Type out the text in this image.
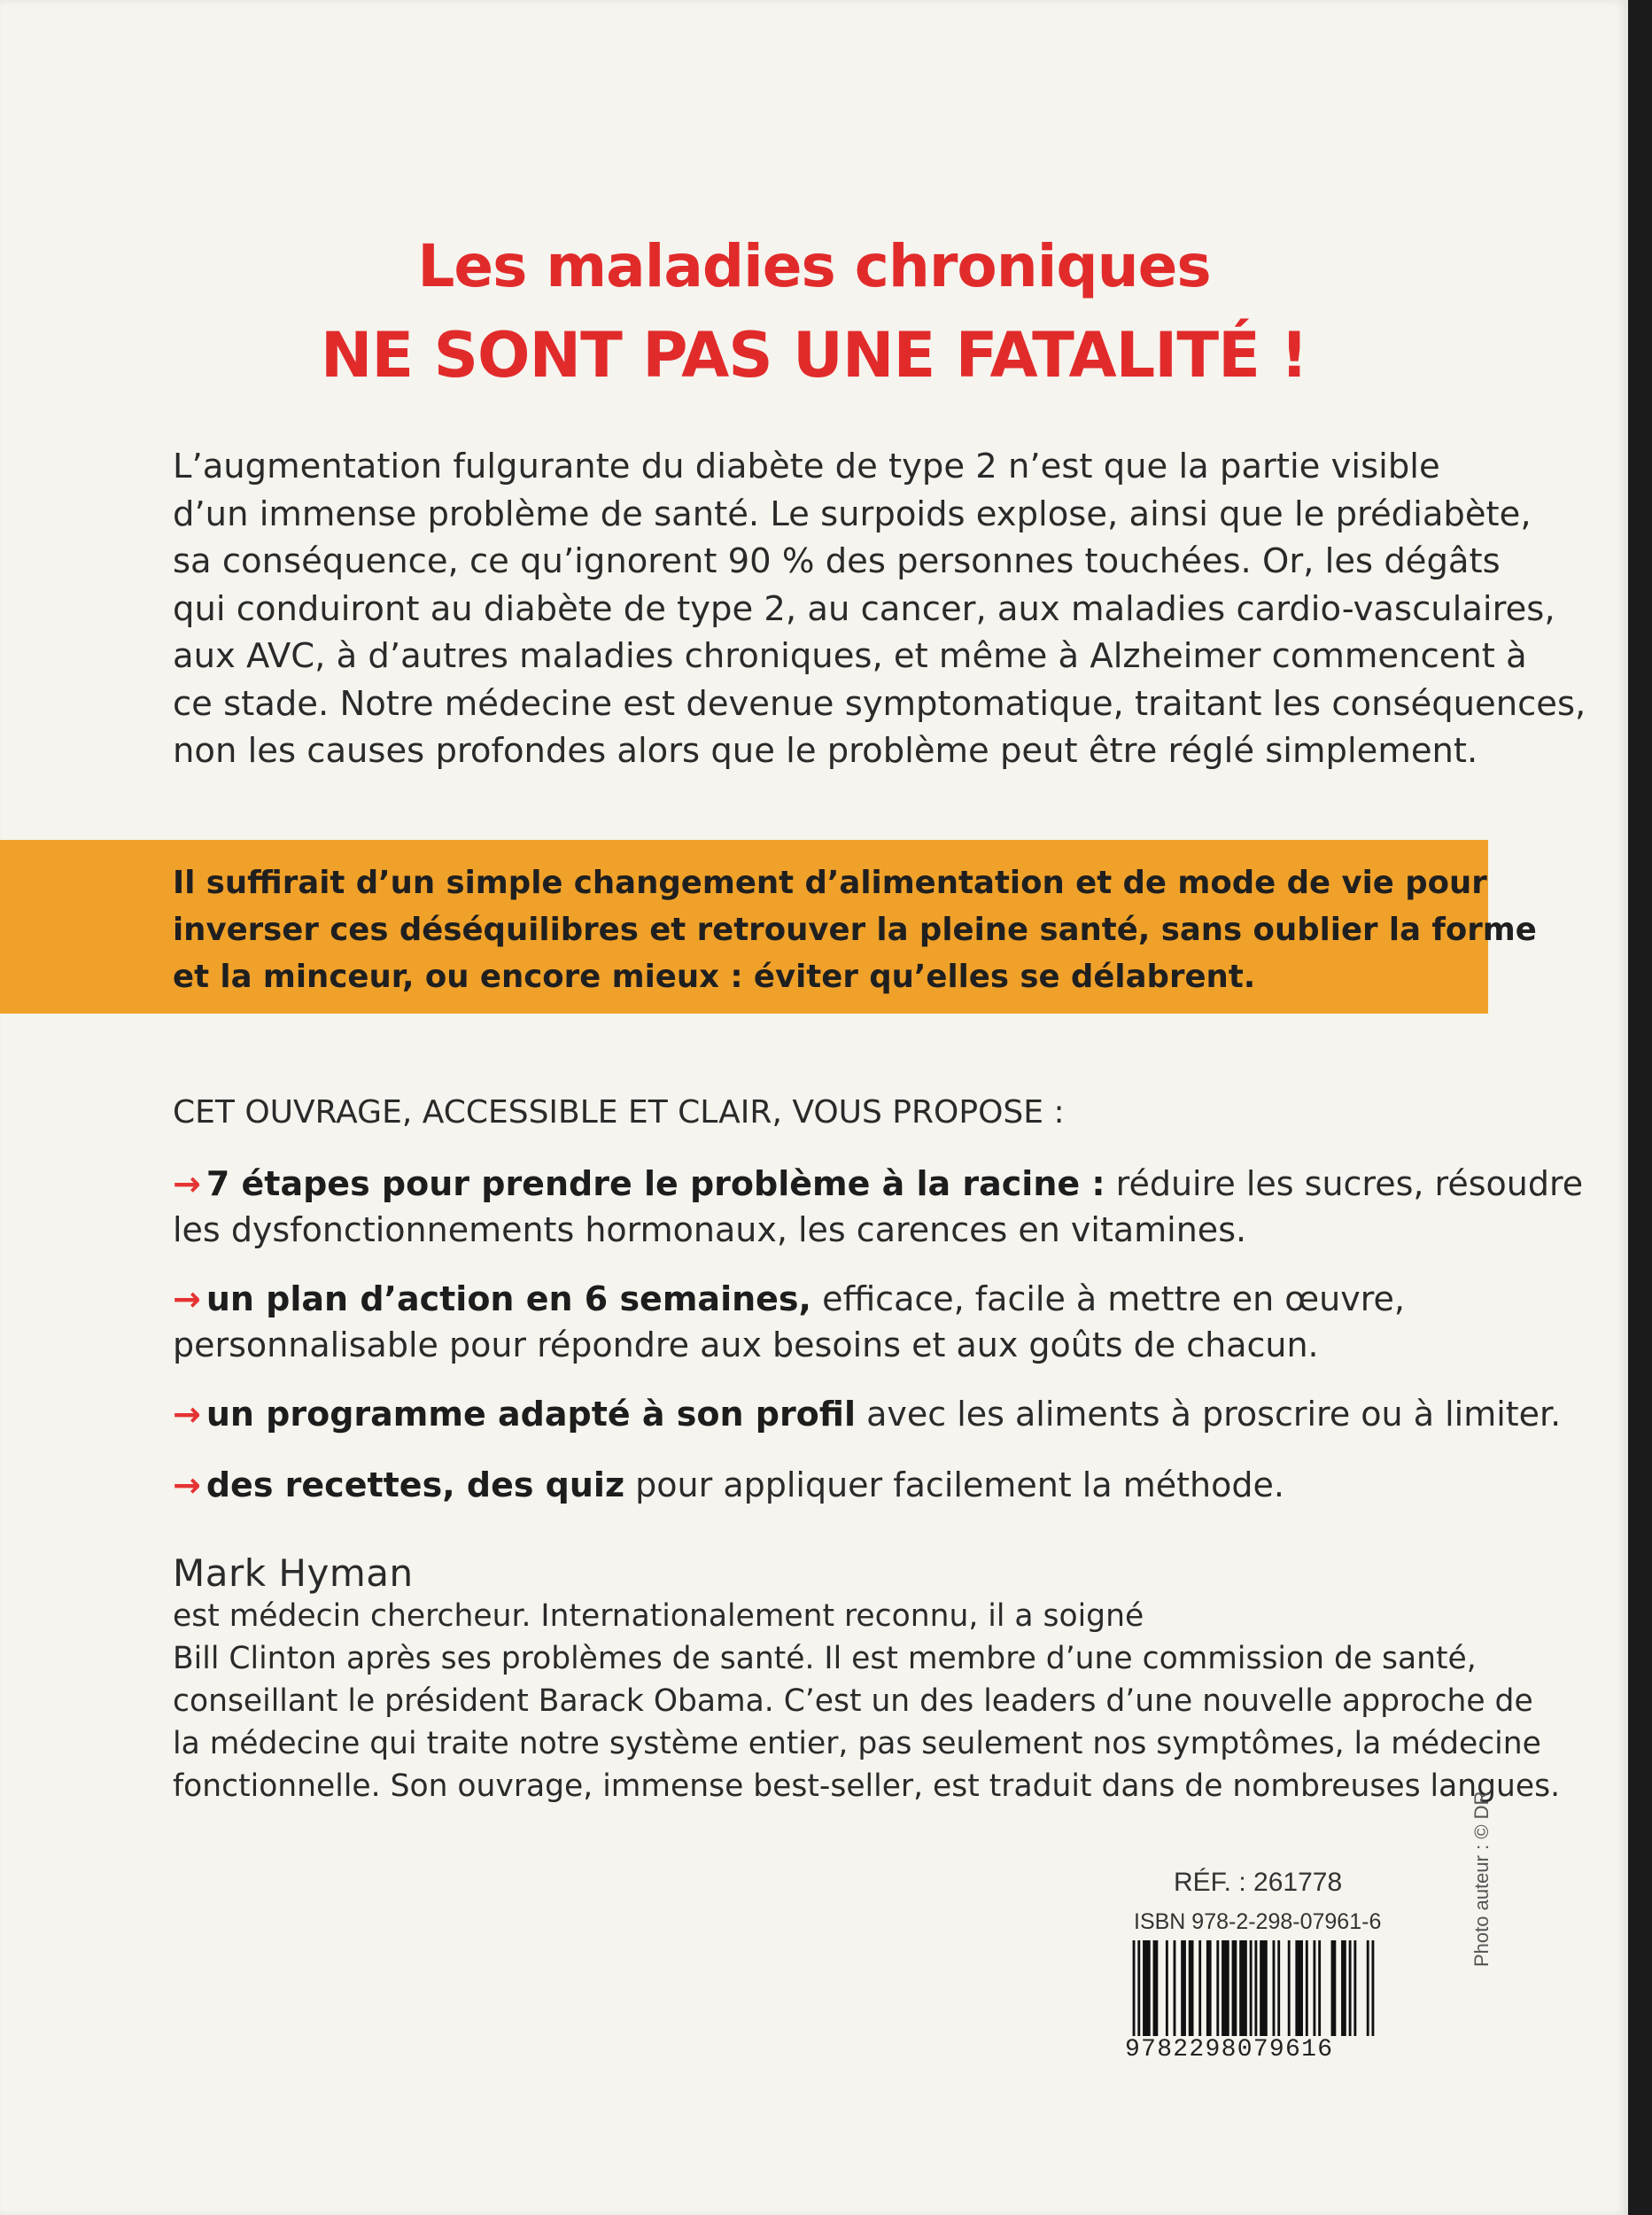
Les maladies chroniques
NE SONT PAS UNE FATALITÉ !

L’augmentation fulgurante du diabète de type 2 n’est que la partie visible
d’un immense problème de santé. Le surpoids explose, ainsi que le prédiabète,
sa conséquence, ce qu’ignorent 90 % des personnes touchées. Or, les dégâts
qui conduiront au diabète de type 2, au cancer, aux maladies cardio-vasculaires,
aux AVC, à d’autres maladies chroniques, et même à Alzheimer commencent à
ce stade. Notre médecine est devenue symptomatique, traitant les conséquences,
non les causes profondes alors que le problème peut être réglé simplement.

Il suffirait d’un simple changement d’alimentation et de mode de vie pour
inverser ces déséquilibres et retrouver la pleine santé, sans oublier la forme
et la minceur, ou encore mieux : éviter qu’elles se délabrent.

CET OUVRAGE, ACCESSIBLE ET CLAIR, VOUS PROPOSE :

→ 7 étapes pour prendre le problème à la racine : réduire les sucres, résoudre
les dysfonctionnements hormonaux, les carences en vitamines.

→ un plan d’action en 6 semaines, efficace, facile à mettre en œuvre,
personnalisable pour répondre aux besoins et aux goûts de chacun.

→ un programme adapté à son profil avec les aliments à proscrire ou à limiter.

→ des recettes, des quiz pour appliquer facilement la méthode.

Mark Hyman
est médecin chercheur. Internationalement reconnu, il a soigné
Bill Clinton après ses problèmes de santé. Il est membre d’une commission de santé,
conseillant le président Barack Obama. C’est un des leaders d’une nouvelle approche de
la médecine qui traite notre système entier, pas seulement nos symptômes, la médecine
fonctionnelle. Son ouvrage, immense best-seller, est traduit dans de nombreuses langues.

RÉF. : 261778
ISBN 978-2-298-07961-6
9782298079616
Photo auteur : © DR
